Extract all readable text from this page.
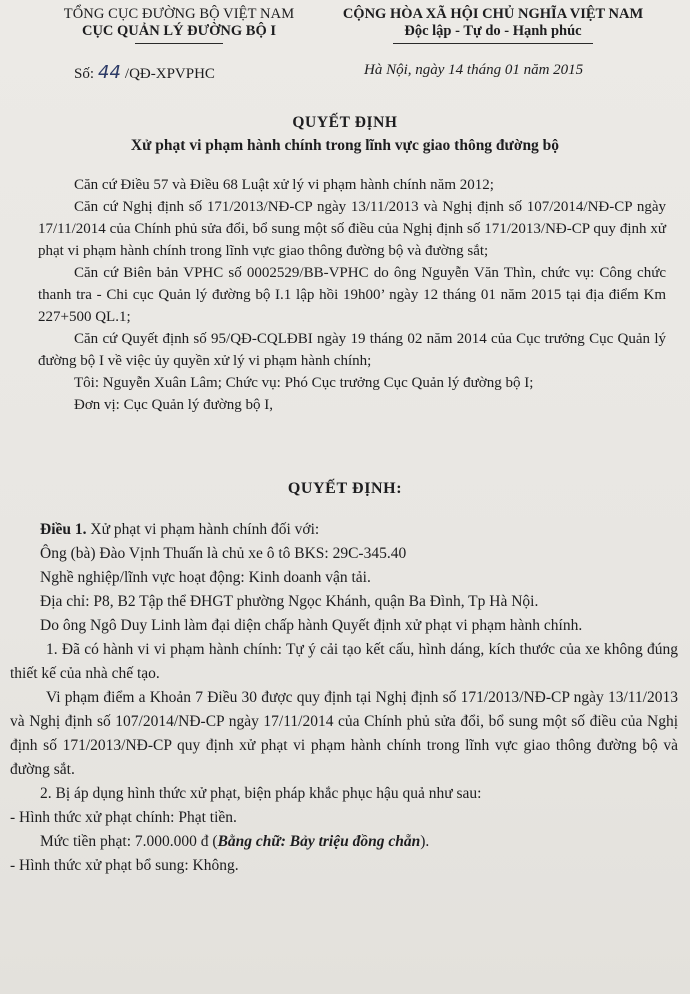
TỔNG CỤC ĐƯỜNG BỘ VIỆT NAM
CỤC QUẢN LÝ ĐƯỜNG BỘ I
CỘNG HÒA XÃ HỘI CHỦ NGHĨA VIỆT NAM
Độc lập - Tự do - Hạnh phúc
Số: 44 /QĐ-XPVPHC	Hà Nội, ngày 14 tháng 01 năm 2015
QUYẾT ĐỊNH
Xử phạt vi phạm hành chính trong lĩnh vực giao thông đường bộ

Căn cứ Điều 57 và Điều 68 Luật xử lý vi phạm hành chính năm 2012;

Căn cứ Nghị định số 171/2013/NĐ-CP ngày 13/11/2013 và Nghị định số 107/2014/NĐ-CP ngày 17/11/2014 của Chính phủ sửa đổi, bổ sung một số điều của Nghị định số 171/2013/NĐ-CP quy định xử phạt vi phạm hành chính trong lĩnh vực giao thông đường bộ và đường sắt;

Căn cứ Biên bản VPHC số 0002529/BB-VPHC do ông Nguyễn Văn Thìn, chức vụ: Công chức thanh tra - Chi cục Quản lý đường bộ I.1 lập hồi 19h00’ ngày 12 tháng 01 năm 2015 tại địa điểm Km 227+500 QL.1;

Căn cứ Quyết định số 95/QĐ-CQLĐBI ngày 19 tháng 02 năm 2014 của Cục trưởng Cục Quản lý đường bộ I về việc ủy quyền xử lý vi phạm hành chính;

Tôi: Nguyễn Xuân Lâm; Chức vụ: Phó Cục trưởng Cục Quản lý đường bộ I;

Đơn vị: Cục Quản lý đường bộ I,

QUYẾT ĐỊNH:

Điều 1. Xử phạt vi phạm hành chính đối với:

Ông (bà) Đào Vịnh Thuấn là chủ xe ô tô BKS: 29C-345.40

Nghề nghiệp/lĩnh vực hoạt động: Kinh doanh vận tải.

Địa chỉ: P8, B2 Tập thể ĐHGT phường Ngọc Khánh, quận Ba Đình, Tp Hà Nội.

Do ông Ngô Duy Linh làm đại diện chấp hành Quyết định xử phạt vi phạm hành chính.

1. Đã có hành vi vi phạm hành chính: Tự ý cải tạo kết cấu, hình dáng, kích thước của xe không đúng thiết kế của nhà chế tạo.

Vi phạm điểm a Khoản 7 Điều 30 được quy định tại Nghị định số 171/2013/NĐ-CP ngày 13/11/2013 và Nghị định số 107/2014/NĐ-CP ngày 17/11/2014 của Chính phủ sửa đổi, bổ sung một số điều của Nghị định số 171/2013/NĐ-CP quy định xử phạt vi phạm hành chính trong lĩnh vực giao thông đường bộ và đường sắt.

2. Bị áp dụng hình thức xử phạt, biện pháp khắc phục hậu quả như sau:

- Hình thức xử phạt chính: Phạt tiền.

Mức tiền phạt: 7.000.000 đ (Bằng chữ: Bảy triệu đồng chẵn).

- Hình thức xử phạt bổ sung: Không.
